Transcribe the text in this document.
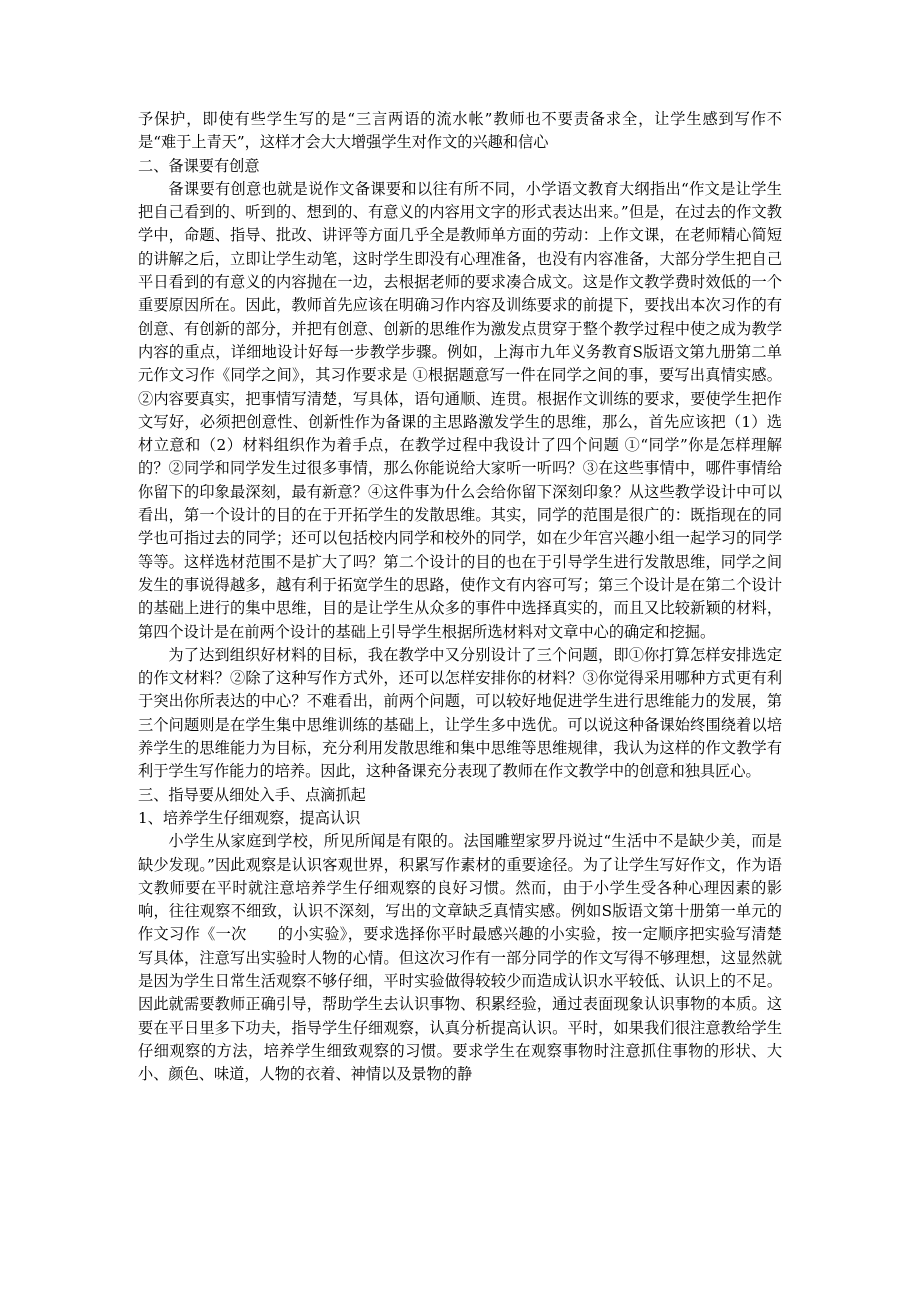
予保护，即使有些学生写的是“三言两语的流水帐”教师也不要责备求全，让学生感到写作不是“难于上青天”，这样才会大大增强学生对作文的兴趣和信心

二、备课要有创意

备课要有创意也就是说作文备课要和以往有所不同，小学语文教育大纲指出“作文是让学生把自己看到的、听到的、想到的、有意义的内容用文字的形式表达出来。”但是，在过去的作文教学中，命题、指导、批改、讲评等方面几乎全是教师单方面的劳动：上作文课，在老师精心简短的讲解之后，立即让学生动笔，这时学生即没有心理准备，也没有内容准备，大部分学生把自己平日看到的有意义的内容抛在一边，去根据老师的要求凑合成文。这是作文教学费时效低的一个重要原因所在。因此，教师首先应该在明确习作内容及训练要求的前提下，要找出本次习作的有创意、有创新的部分，并把有创意、创新的思维作为激发点贯穿于整个教学过程中使之成为教学内容的重点，详细地设计好每一步教学步骤。例如，上海市九年义务教育S版语文第九册第二单元作文习作《同学之间》，其习作要求是 ①根据题意写一件在同学之间的事，要写出真情实感。②内容要真实，把事情写清楚，写具体，语句通顺、连贯。根据作文训练的要求，要使学生把作文写好，必须把创意性、创新性作为备课的主思路激发学生的思维，那么，首先应该把（1）选材立意和（2）材料组织作为着手点，在教学过程中我设计了四个问题 ①“同学”你是怎样理解的？②同学和同学发生过很多事情，那么你能说给大家听一听吗？③在这些事情中，哪件事情给你留下的印象最深刻，最有新意？④这件事为什么会给你留下深刻印象？从这些教学设计中可以看出，第一个设计的目的在于开拓学生的发散思维。其实，同学的范围是很广的：既指现在的同学也可指过去的同学；还可以包括校内同学和校外的同学，如在少年宫兴趣小组一起学习的同学等等。这样选材范围不是扩大了吗？第二个设计的目的也在于引导学生进行发散思维，同学之间发生的事说得越多，越有利于拓宽学生的思路，使作文有内容可写；第三个设计是在第二个设计的基础上进行的集中思维，目的是让学生从众多的事件中选择真实的，而且又比较新颖的材料，第四个设计是在前两个设计的基础上引导学生根据所选材料对文章中心的确定和挖掘。

为了达到组织好材料的目标，我在教学中又分别设计了三个问题，即①你打算怎样安排选定的作文材料？②除了这种写作方式外，还可以怎样安排你的材料？③你觉得采用哪种方式更有利于突出你所表达的中心？不难看出，前两个问题，可以较好地促进学生进行思维能力的发展，第三个问题则是在学生集中思维训练的基础上，让学生多中选优。可以说这种备课始终围绕着以培养学生的思维能力为目标，充分利用发散思维和集中思维等思维规律，我认为这样的作文教学有利于学生写作能力的培养。因此，这种备课充分表现了教师在作文教学中的创意和独具匠心。

三、指导要从细处入手、点滴抓起

1、培养学生仔细观察，提高认识

小学生从家庭到学校，所见所闻是有限的。法国雕塑家罗丹说过“生活中不是缺少美，而是缺少发现。”因此观察是认识客观世界，积累写作素材的重要途径。为了让学生写好作文，作为语文教师要在平时就注意培养学生仔细观察的良好习惯。然而，由于小学生受各种心理因素的影响，往往观察不细致，认识不深刻，写出的文章缺乏真情实感。例如S版语文第十册第一单元的作文习作《一次　　的小实验》，要求选择你平时最感兴趣的小实验，按一定顺序把实验写清楚写具体，注意写出实验时人物的心情。但这次习作有一部分同学的作文写得不够理想，这显然就是因为学生日常生活观察不够仔细，平时实验做得较较少而造成认识水平较低、认识上的不足。因此就需要教师正确引导，帮助学生去认识事物、积累经验，通过表面现象认识事物的本质。这要在平日里多下功夫，指导学生仔细观察，认真分析提高认识。平时，如果我们很注意教给学生仔细观察的方法，培养学生细致观察的习惯。要求学生在观察事物时注意抓住事物的形状、大小、颜色、味道，人物的衣着、神情以及景物的静
